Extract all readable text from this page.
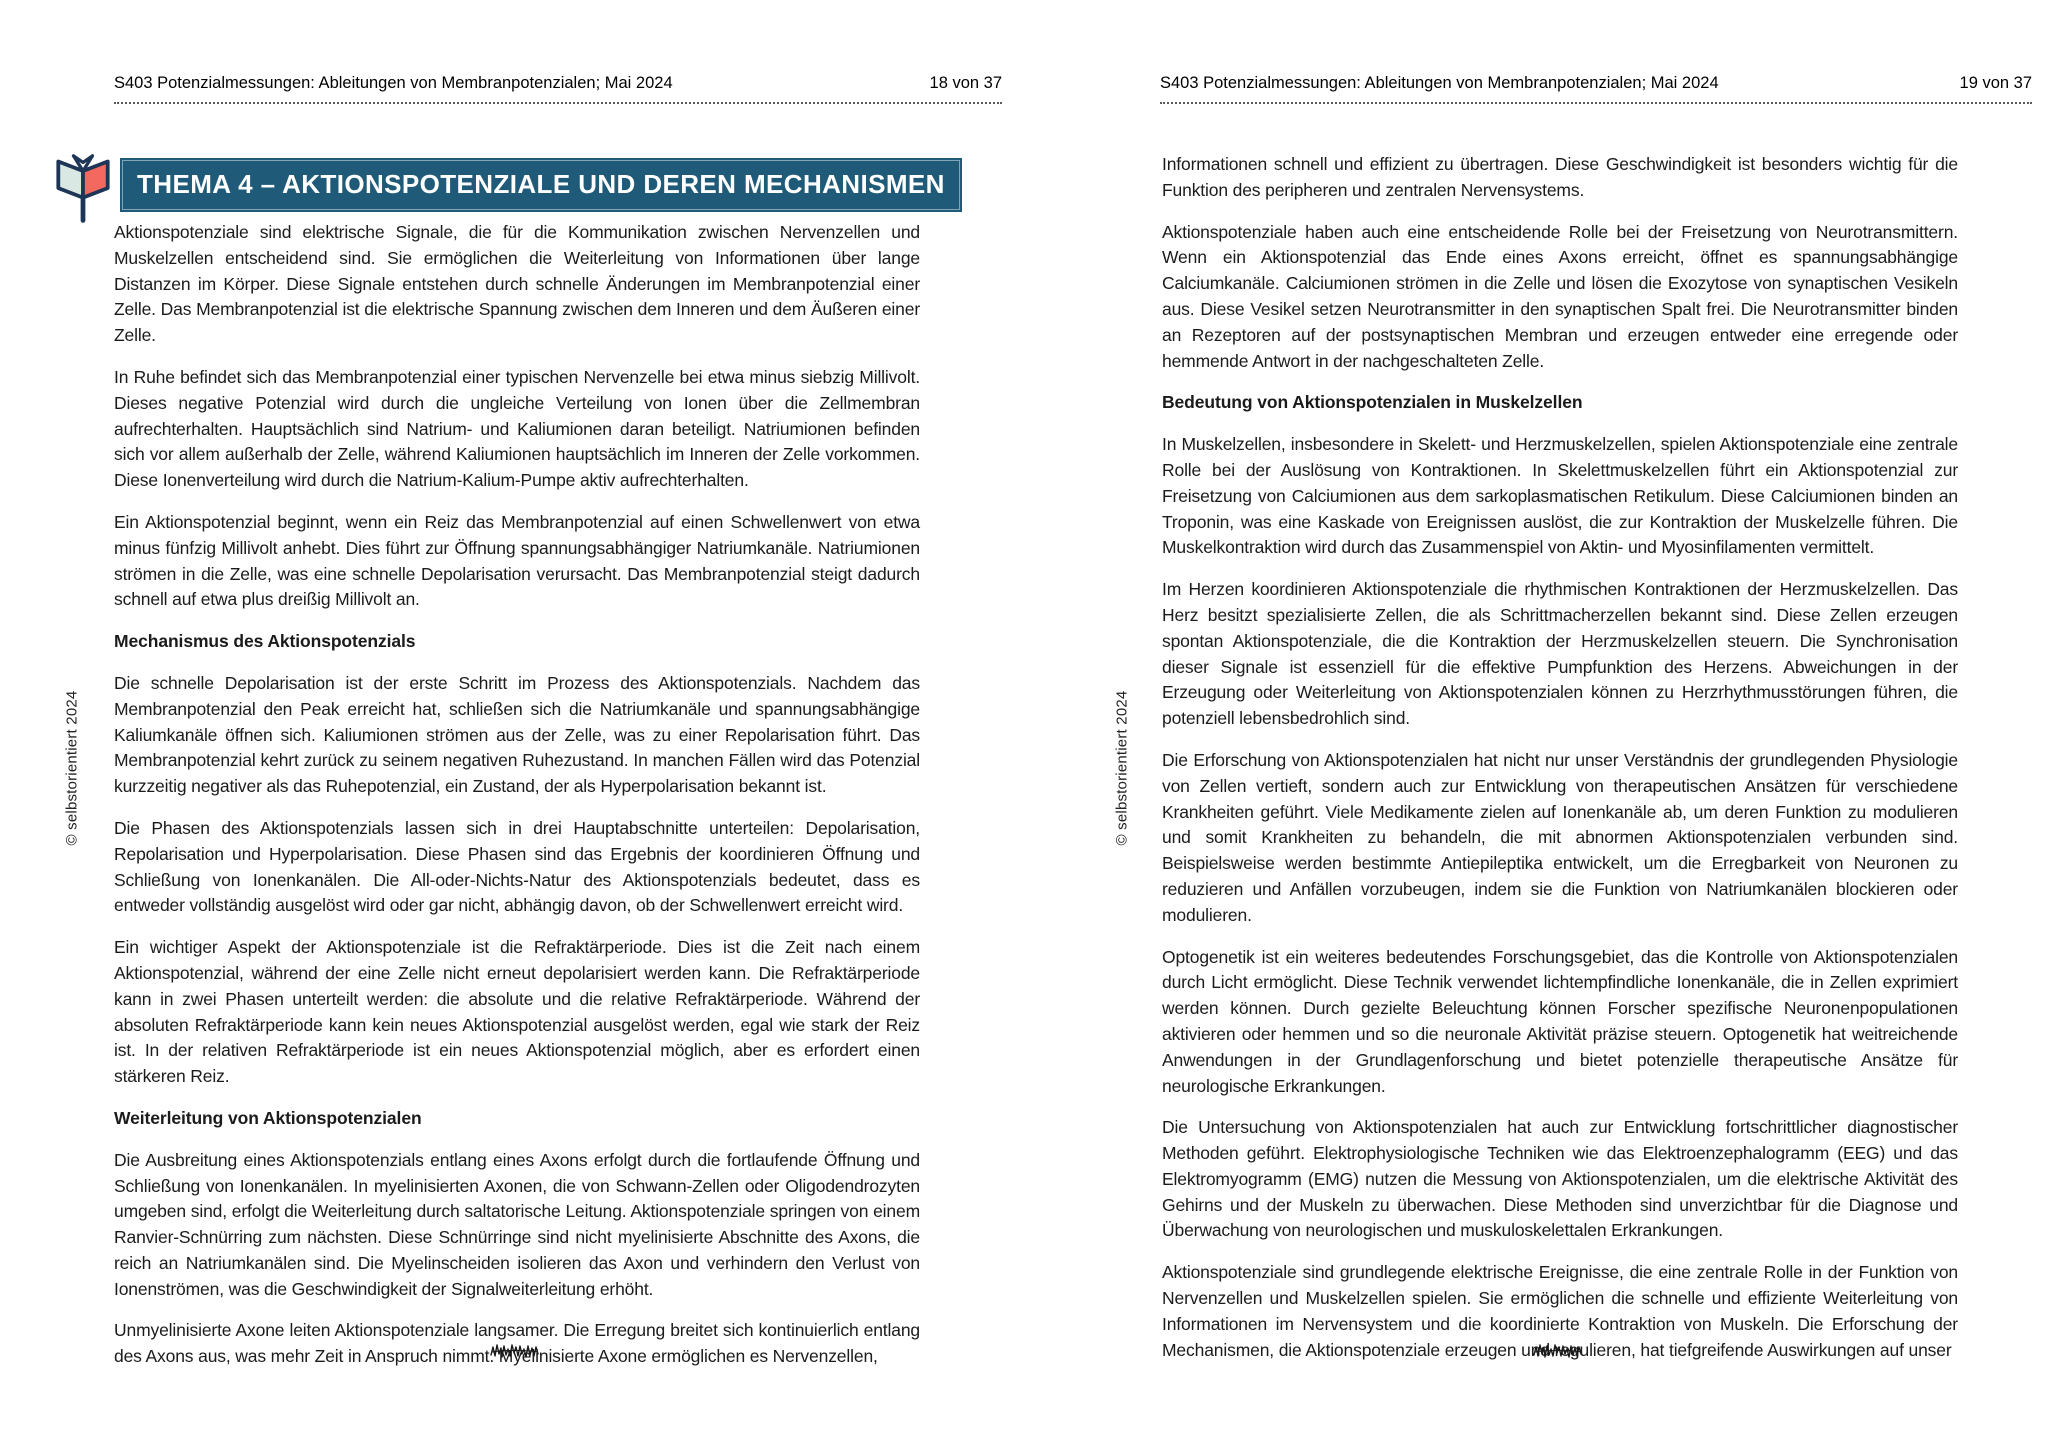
S403 Potenzialmessungen: Ableitungen von Membranpotenzialen; Mai 2024	18 von 37
THEMA 4 – AKTIONSPOTENZIALE UND DEREN MECHANISMEN
© selbstorientiert 2024

Aktionspotenziale sind elektrische Signale, die für die Kommunikation zwischen Nervenzellen und Muskelzellen entscheidend sind. Sie ermöglichen die Weiterleitung von Informationen über lange Distanzen im Körper. Diese Signale entstehen durch schnelle Änderungen im Membranpotenzial einer Zelle. Das Membranpotenzial ist die elektrische Spannung zwischen dem Inneren und dem Äußeren einer Zelle.

In Ruhe befindet sich das Membranpotenzial einer typischen Nervenzelle bei etwa minus siebzig Millivolt. Dieses negative Potenzial wird durch die ungleiche Verteilung von Ionen über die Zellmembran aufrechterhalten. Hauptsächlich sind Natrium- und Kaliumionen daran beteiligt. Natriumionen befinden sich vor allem außerhalb der Zelle, während Kaliumionen hauptsächlich im Inneren der Zelle vorkommen. Diese Ionenverteilung wird durch die Natrium-Kalium-Pumpe aktiv aufrechterhalten.

Ein Aktionspotenzial beginnt, wenn ein Reiz das Membranpotenzial auf einen Schwellenwert von etwa minus fünfzig Millivolt anhebt. Dies führt zur Öffnung spannungsabhängiger Natriumkanäle. Natriumionen strömen in die Zelle, was eine schnelle Depolarisation verursacht. Das Membranpotenzial steigt dadurch schnell auf etwa plus dreißig Millivolt an.

Mechanismus des Aktionspotenzials

Die schnelle Depolarisation ist der erste Schritt im Prozess des Aktionspotenzials. Nachdem das Membranpotenzial den Peak erreicht hat, schließen sich die Natriumkanäle und spannungsabhängige Kaliumkanäle öffnen sich. Kaliumionen strömen aus der Zelle, was zu einer Repolarisation führt. Das Membranpotenzial kehrt zurück zu seinem negativen Ruhezustand. In manchen Fällen wird das Potenzial kurzzeitig negativer als das Ruhepotenzial, ein Zustand, der als Hyperpolarisation bekannt ist.

Die Phasen des Aktionspotenzials lassen sich in drei Hauptabschnitte unterteilen: Depolarisation, Repolarisation und Hyperpolarisation. Diese Phasen sind das Ergebnis der koordinieren Öffnung und Schließung von Ionenkanälen. Die All-oder-Nichts-Natur des Aktionspotenzials bedeutet, dass es entweder vollständig ausgelöst wird oder gar nicht, abhängig davon, ob der Schwellenwert erreicht wird.

Ein wichtiger Aspekt der Aktionspotenziale ist die Refraktärperiode. Dies ist die Zeit nach einem Aktionspotenzial, während der eine Zelle nicht erneut depolarisiert werden kann. Die Refraktärperiode kann in zwei Phasen unterteilt werden: die absolute und die relative Refraktärperiode. Während der absoluten Refraktärperiode kann kein neues Aktionspotenzial ausgelöst werden, egal wie stark der Reiz ist. In der relativen Refraktärperiode ist ein neues Aktionspotenzial möglich, aber es erfordert einen stärkeren Reiz.

Weiterleitung von Aktionspotenzialen

Die Ausbreitung eines Aktionspotenzials entlang eines Axons erfolgt durch die fortlaufende Öffnung und Schließung von Ionenkanälen. In myelinisierten Axonen, die von Schwann-Zellen oder Oligodendrozyten umgeben sind, erfolgt die Weiterleitung durch saltatorische Leitung. Aktionspotenziale springen von einem Ranvier-Schnürring zum nächsten. Diese Schnürringe sind nicht myelinisierte Abschnitte des Axons, die reich an Natriumkanälen sind. Die Myelinscheiden isolieren das Axon und verhindern den Verlust von Ionenströmen, was die Geschwindigkeit der Signalweiterleitung erhöht.

Unmyelinisierte Axone leiten Aktionspotenziale langsamer. Die Erregung breitet sich kontinuierlich entlang des Axons aus, was mehr Zeit in Anspruch nimmt. Myelinisierte Axone ermöglichen es Nervenzellen,

S403 Potenzialmessungen: Ableitungen von Membranpotenzialen; Mai 2024	19 von 37
© selbstorientiert 2024

Informationen schnell und effizient zu übertragen. Diese Geschwindigkeit ist besonders wichtig für die Funktion des peripheren und zentralen Nervensystems.

Aktionspotenziale haben auch eine entscheidende Rolle bei der Freisetzung von Neurotransmittern. Wenn ein Aktionspotenzial das Ende eines Axons erreicht, öffnet es spannungsabhängige Calciumkanäle. Calciumionen strömen in die Zelle und lösen die Exozytose von synaptischen Vesikeln aus. Diese Vesikel setzen Neurotransmitter in den synaptischen Spalt frei. Die Neurotransmitter binden an Rezeptoren auf der postsynaptischen Membran und erzeugen entweder eine erregende oder hemmende Antwort in der nachgeschalteten Zelle.

Bedeutung von Aktionspotenzialen in Muskelzellen

In Muskelzellen, insbesondere in Skelett- und Herzmuskelzellen, spielen Aktionspotenziale eine zentrale Rolle bei der Auslösung von Kontraktionen. In Skelettmuskelzellen führt ein Aktionspotenzial zur Freisetzung von Calciumionen aus dem sarkoplasmatischen Retikulum. Diese Calciumionen binden an Troponin, was eine Kaskade von Ereignissen auslöst, die zur Kontraktion der Muskelzelle führen. Die Muskelkontraktion wird durch das Zusammenspiel von Aktin- und Myosinfilamenten vermittelt.

Im Herzen koordinieren Aktionspotenziale die rhythmischen Kontraktionen der Herzmuskelzellen. Das Herz besitzt spezialisierte Zellen, die als Schrittmacherzellen bekannt sind. Diese Zellen erzeugen spontan Aktionspotenziale, die die Kontraktion der Herzmuskelzellen steuern. Die Synchronisation dieser Signale ist essenziell für die effektive Pumpfunktion des Herzens. Abweichungen in der Erzeugung oder Weiterleitung von Aktionspotenzialen können zu Herzrhythmusstörungen führen, die potenziell lebensbedrohlich sind.

Die Erforschung von Aktionspotenzialen hat nicht nur unser Verständnis der grundlegenden Physiologie von Zellen vertieft, sondern auch zur Entwicklung von therapeutischen Ansätzen für verschiedene Krankheiten geführt. Viele Medikamente zielen auf Ionenkanäle ab, um deren Funktion zu modulieren und somit Krankheiten zu behandeln, die mit abnormen Aktionspotenzialen verbunden sind. Beispielsweise werden bestimmte Antiepileptika entwickelt, um die Erregbarkeit von Neuronen zu reduzieren und Anfällen vorzubeugen, indem sie die Funktion von Natriumkanälen blockieren oder modulieren.

Optogenetik ist ein weiteres bedeutendes Forschungsgebiet, das die Kontrolle von Aktionspotenzialen durch Licht ermöglicht. Diese Technik verwendet lichtempfindliche Ionenkanäle, die in Zellen exprimiert werden können. Durch gezielte Beleuchtung können Forscher spezifische Neuronenpopulationen aktivieren oder hemmen und so die neuronale Aktivität präzise steuern. Optogenetik hat weitreichende Anwendungen in der Grundlagenforschung und bietet potenzielle therapeutische Ansätze für neurologische Erkrankungen.

Die Untersuchung von Aktionspotenzialen hat auch zur Entwicklung fortschrittlicher diagnostischer Methoden geführt. Elektrophysiologische Techniken wie das Elektroenzephalogramm (EEG) und das Elektromyogramm (EMG) nutzen die Messung von Aktionspotenzialen, um die elektrische Aktivität des Gehirns und der Muskeln zu überwachen. Diese Methoden sind unverzichtbar für die Diagnose und Überwachung von neurologischen und muskuloskelettalen Erkrankungen.

Aktionspotenziale sind grundlegende elektrische Ereignisse, die eine zentrale Rolle in der Funktion von Nervenzellen und Muskelzellen spielen. Sie ermöglichen die schnelle und effiziente Weiterleitung von Informationen im Nervensystem und die koordinierte Kontraktion von Muskeln. Die Erforschung der Mechanismen, die Aktionspotenziale erzeugen und regulieren, hat tiefgreifende Auswirkungen auf unser
